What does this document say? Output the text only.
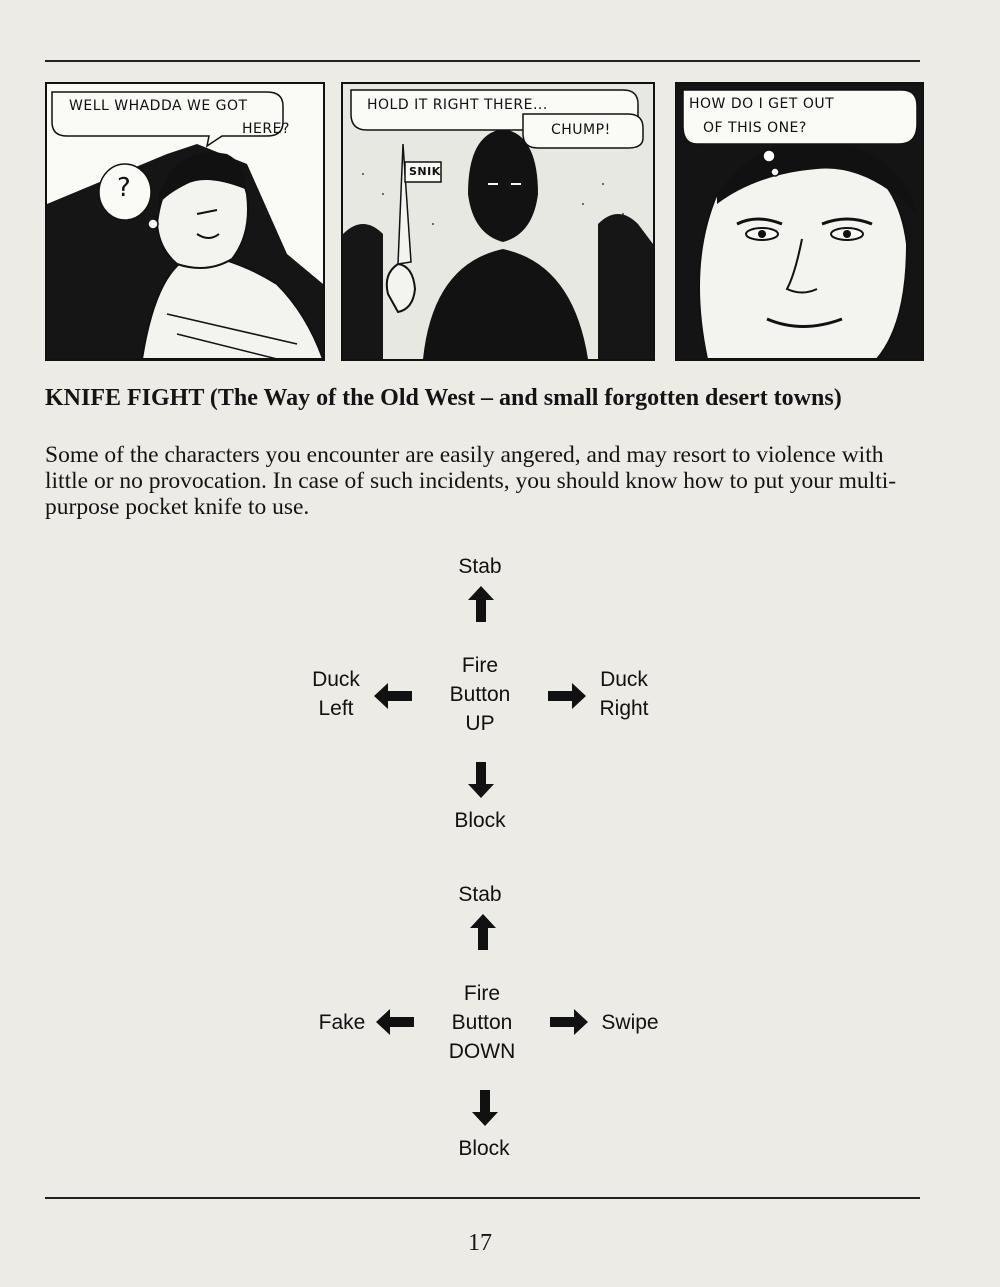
WELL WHADDA WE GOT
HERE?
?
HOLD IT RIGHT THERE...
CHUMP!
SNIK
HOW DO I GET OUT
OF THIS ONE?
KNIFE FIGHT (The Way of the Old West – and small forgotten desert towns)

Some of the characters you encounter are easily angered, and may resort to violence with little or no provocation. In case of such incidents, you should know how to put your multi-purpose pocket knife to use.

Stab
Fire
Button
UP
Duck
Left
Duck
Right
Block
Stab
Fire
Button
DOWN
Fake	Swipe
Block
17
